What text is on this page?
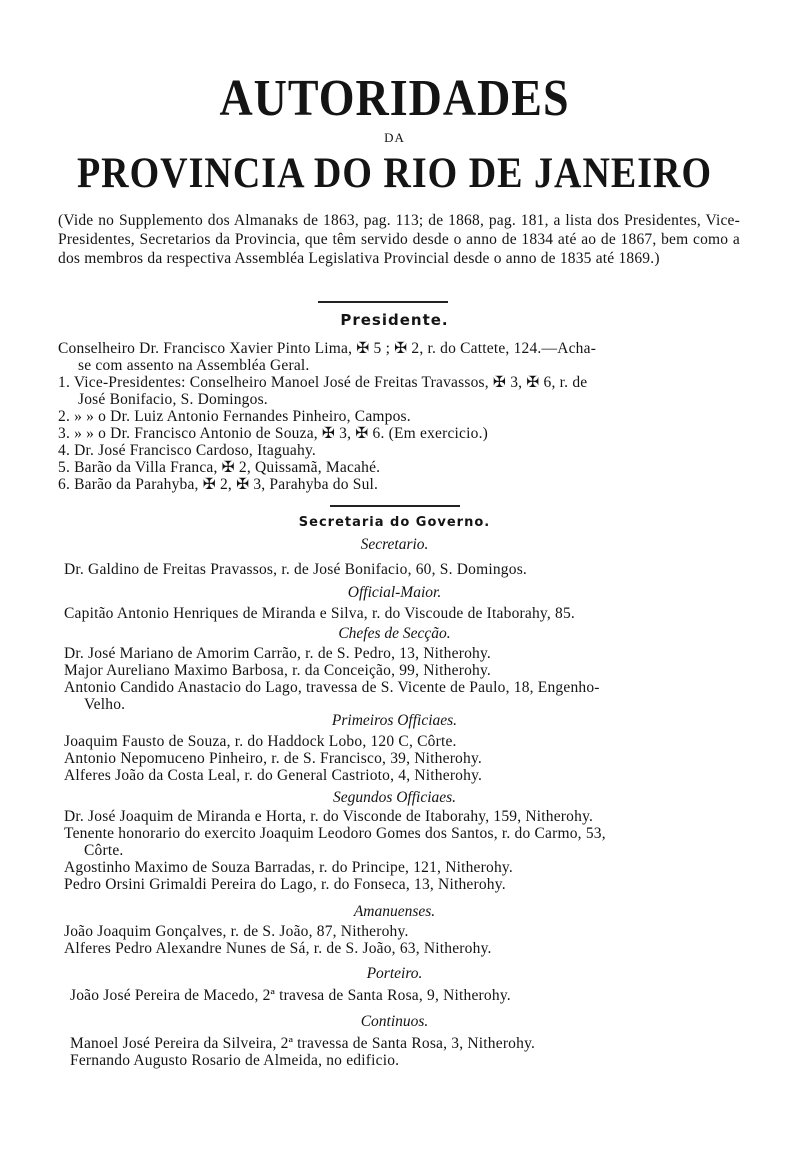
AUTORIDADES
DA
PROVINCIA DO RIO DE JANEIRO

(Vide no Supplemento dos Almanaks de 1863, pag. 113; de 1868, pag. 181, a lista dos Presidentes, Vice-Presidentes, Secretarios da Provincia, que têm servido desde o anno de 1834 até ao de 1867, bem como a dos membros da respectiva Assembléa Legislativa Provincial desde o anno de 1835 até 1869.)

Presidente.
Conselheiro Dr. Francisco Xavier Pinto Lima, ✠ 5 ; ✠ 2, r. do Cattete, 124.—Acha-
se com assento na Assembléa Geral.
1. Vice-Presidentes: Conselheiro Manoel José de Freitas Travassos, ✠ 3, ✠ 6, r. de
José Bonifacio, S. Domingos.
2. » » o Dr. Luiz Antonio Fernandes Pinheiro, Campos.
3. » » o Dr. Francisco Antonio de Souza, ✠ 3, ✠ 6. (Em exercicio.)
4. Dr. José Francisco Cardoso, Itaguahy.
5. Barão da Villa Franca, ✠ 2, Quissamã, Macahé.
6. Barão da Parahyba, ✠ 2, ✠ 3, Parahyba do Sul.
Secretaria do Governo.
Secretario.
Dr. Galdino de Freitas Pravassos, r. de José Bonifacio, 60, S. Domingos.
Official-Maior.
Capitão Antonio Henriques de Miranda e Silva, r. do Viscoude de Itaborahy, 85.
Chefes de Secção.
Dr. José Mariano de Amorim Carrão, r. de S. Pedro, 13, Nitherohy.
Major Aureliano Maximo Barbosa, r. da Conceição, 99, Nitherohy.
Antonio Candido Anastacio do Lago, travessa de S. Vicente de Paulo, 18, Engenho-
Velho.
Primeiros Officiaes.
Joaquim Fausto de Souza, r. do Haddock Lobo, 120 C, Côrte.
Antonio Nepomuceno Pinheiro, r. de S. Francisco, 39, Nitherohy.
Alferes João da Costa Leal, r. do General Castrioto, 4, Nitherohy.
Segundos Officiaes.
Dr. José Joaquim de Miranda e Horta, r. do Visconde de Itaborahy, 159, Nitherohy.
Tenente honorario do exercito Joaquim Leodoro Gomes dos Santos, r. do Carmo, 53,
Côrte.
Agostinho Maximo de Souza Barradas, r. do Principe, 121, Nitherohy.
Pedro Orsini Grimaldi Pereira do Lago, r. do Fonseca, 13, Nitherohy.
Amanuenses.
João Joaquim Gonçalves, r. de S. João, 87, Nitherohy.
Alferes Pedro Alexandre Nunes de Sá, r. de S. João, 63, Nitherohy.
Porteiro.
João José Pereira de Macedo, 2ª travesa de Santa Rosa, 9, Nitherohy.
Continuos.
Manoel José Pereira da Silveira, 2ª travessa de Santa Rosa, 3, Nitherohy.
Fernando Augusto Rosario de Almeida, no edificio.
